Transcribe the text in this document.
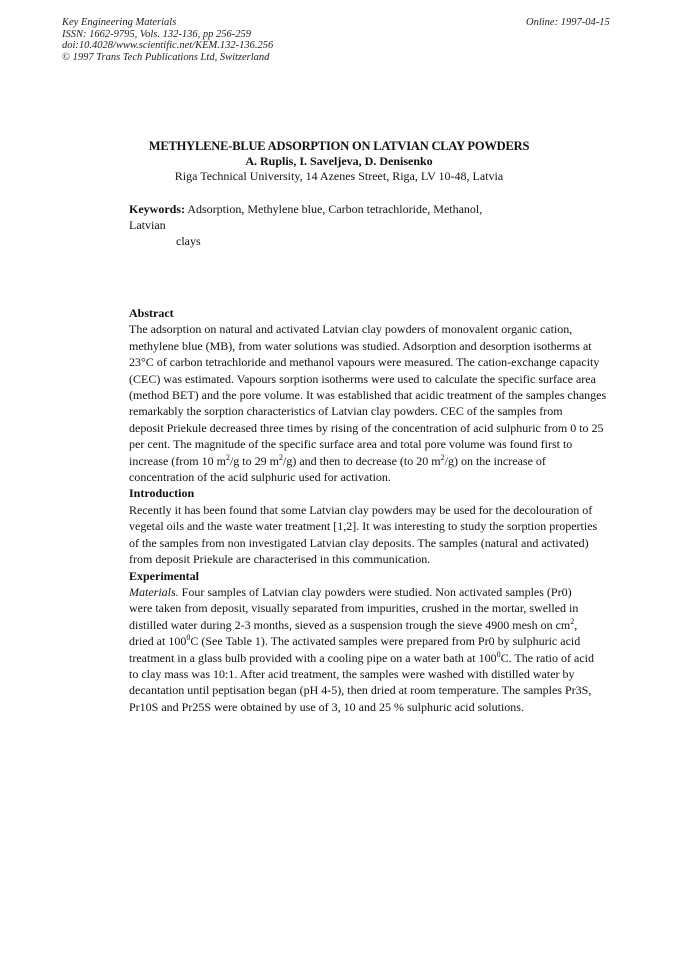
Key Engineering Materials
ISSN: 1662-9795, Vols. 132-136, pp 256-259
doi:10.4028/www.scientific.net/KEM.132-136.256
© 1997 Trans Tech Publications Ltd, Switzerland
Online: 1997-04-15
METHYLENE-BLUE ADSORPTION ON LATVIAN CLAY POWDERS
A. Ruplis, I. Saveljeva, D. Denisenko
Riga Technical University, 14 Azenes Street, Riga, LV 10-48, Latvia
Keywords: Adsorption, Methylene blue, Carbon tetrachloride, Methanol, Latvian
clays
Abstract
The adsorption on natural and activated Latvian clay powders of monovalent organic cation,
methylene blue (MB), from water solutions was studied. Adsorption and desorption isotherms at
23°C of carbon tetrachloride and methanol vapours were measured. The cation-exchange capacity
(CEC) was estimated. Vapours sorption isotherms were used to calculate the specific surface area
(method BET) and the pore volume. It was established that acidic treatment of the samples changes
remarkably the sorption characteristics of Latvian clay powders. CEC of the samples from
deposit Priekule decreased three times by rising of the concentration of acid sulphuric from 0 to 25
per cent. The magnitude of the specific surface area and total pore volume was found first to
increase (from 10 $m^2/g$ to 29 $m^2/g$) and then to decrease (to 20 $m^2/g$) on the increase of
concentration of the acid sulphuric used for activation.
Introduction
Recently it has been found that some Latvian clay powders may be used for the decolouration of
vegetal oils and the waste water treatment [1,2]. It was interesting to study the sorption properties
of the samples from non investigated Latvian clay deposits. The samples (natural and activated)
from deposit Priekule are characterised in this communication.
Experimental
Materials. Four samples of Latvian clay powders were studied. Non activated samples (Pr0)
were taken from deposit, visually separated from impurities, crushed in the mortar, swelled in
distilled water during 2-3 months, sieved as a suspension trough the sieve 4900 mesh on $cm^2$,
dried at $100^0C$ (See Table 1). The activated samples were prepared from Pr0 by sulphuric acid
treatment in a glass bulb provided with a cooling pipe on a water bath at $100^0C$. The ratio of acid
to clay mass was 10:1. After acid treatment, the samples were washed with distilled water by
decantation until peptisation began (pH 4-5), then dried at room temperature. The samples Pr3S,
Pr10S and Pr25S were obtained by use of 3, 10 and 25 % sulphuric acid solutions.
